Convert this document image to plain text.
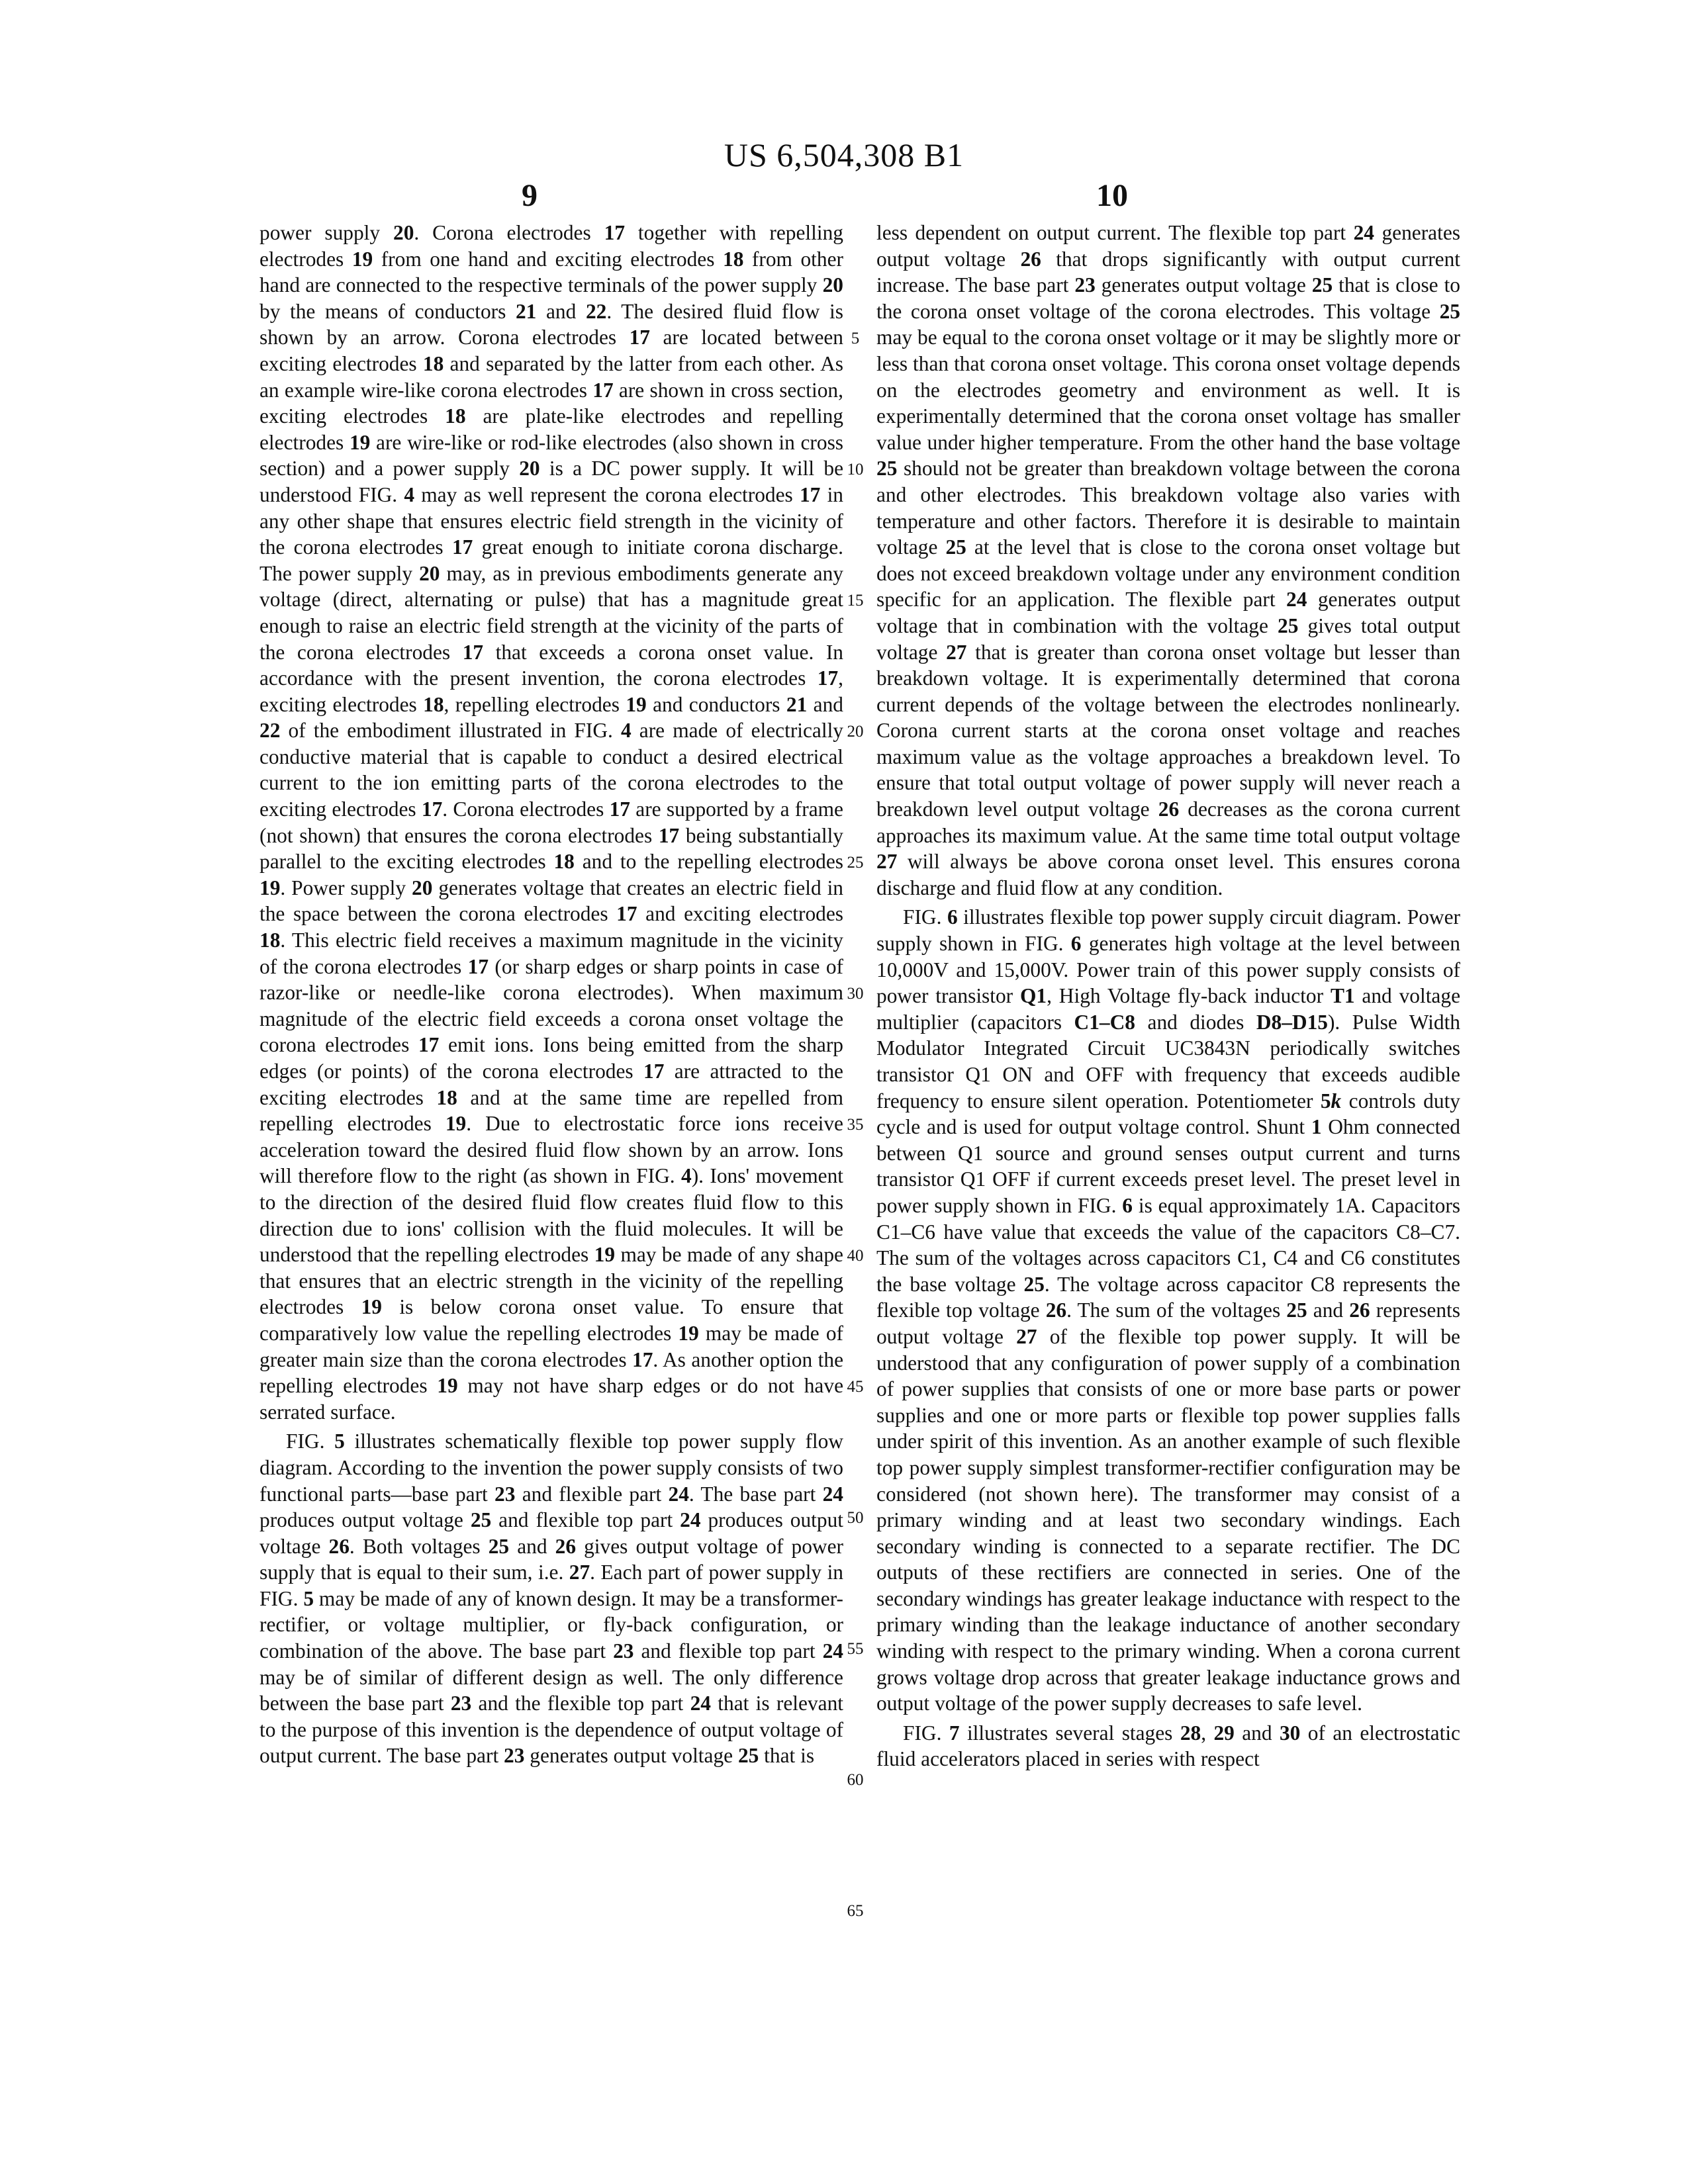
US 6,504,308 B1
9	10

power supply 20. Corona electrodes 17 together with repelling electrodes 19 from one hand and exciting electrodes 18 from other hand are connected to the respective terminals of the power supply 20 by the means of conductors 21 and 22. The desired fluid flow is shown by an arrow. Corona electrodes 17 are located between exciting electrodes 18 and separated by the latter from each other. As an example wire-like corona electrodes 17 are shown in cross section, exciting electrodes 18 are plate-like electrodes and repelling electrodes 19 are wire-like or rod-like electrodes (also shown in cross section) and a power supply 20 is a DC power supply. It will be understood FIG. 4 may as well represent the corona electrodes 17 in any other shape that ensures electric field strength in the vicinity of the corona electrodes 17 great enough to initiate corona discharge. The power supply 20 may, as in previous embodiments generate any voltage (direct, alternating or pulse) that has a magnitude great enough to raise an electric field strength at the vicinity of the parts of the corona electrodes 17 that exceeds a corona onset value. In accordance with the present invention, the corona electrodes 17, exciting electrodes 18, repelling electrodes 19 and conductors 21 and 22 of the embodiment illustrated in FIG. 4 are made of electrically conductive material that is capable to conduct a desired electrical current to the ion emitting parts of the corona electrodes to the exciting electrodes 17. Corona electrodes 17 are supported by a frame (not shown) that ensures the corona electrodes 17 being substantially parallel to the exciting electrodes 18 and to the repelling electrodes 19. Power supply 20 generates voltage that creates an electric field in the space between the corona electrodes 17 and exciting electrodes 18. This electric field receives a maximum magnitude in the vicinity of the corona electrodes 17 (or sharp edges or sharp points in case of razor-like or needle-like corona electrodes). When maximum magnitude of the electric field exceeds a corona onset voltage the corona electrodes 17 emit ions. Ions being emitted from the sharp edges (or points) of the corona electrodes 17 are attracted to the exciting electrodes 18 and at the same time are repelled from repelling electrodes 19. Due to electrostatic force ions receive acceleration toward the desired fluid flow shown by an arrow. Ions will therefore flow to the right (as shown in FIG. 4). Ions' movement to the direction of the desired fluid flow creates fluid flow to this direction due to ions' collision with the fluid molecules. It will be understood that the repelling electrodes 19 may be made of any shape that ensures that an electric strength in the vicinity of the repelling electrodes 19 is below corona onset value. To ensure that comparatively low value the repelling electrodes 19 may be made of greater main size than the corona electrodes 17. As another option the repelling electrodes 19 may not have sharp edges or do not have serrated surface.

FIG. 5 illustrates schematically flexible top power supply flow diagram. According to the invention the power supply consists of two functional parts—base part 23 and flexible part 24. The base part 24 produces output voltage 25 and flexible top part 24 produces output voltage 26. Both voltages 25 and 26 gives output voltage of power supply that is equal to their sum, i.e. 27. Each part of power supply in FIG. 5 may be made of any of known design. It may be a transformer-rectifier, or voltage multiplier, or fly-back configuration, or combination of the above. The base part 23 and flexible top part 24 may be of similar of different design as well. The only difference between the base part 23 and the flexible top part 24 that is relevant to the purpose of this invention is the dependence of output voltage of output current. The base part 23 generates output voltage 25 that is

less dependent on output current. The flexible top part 24 generates output voltage 26 that drops significantly with output current increase. The base part 23 generates output voltage 25 that is close to the corona onset voltage of the corona electrodes. This voltage 25 may be equal to the corona onset voltage or it may be slightly more or less than that corona onset voltage. This corona onset voltage depends on the electrodes geometry and environment as well. It is experimentally determined that the corona onset voltage has smaller value under higher temperature. From the other hand the base voltage 25 should not be greater than breakdown voltage between the corona and other electrodes. This breakdown voltage also varies with temperature and other factors. Therefore it is desirable to maintain voltage 25 at the level that is close to the corona onset voltage but does not exceed breakdown voltage under any environment condition specific for an application. The flexible part 24 generates output voltage that in combination with the voltage 25 gives total output voltage 27 that is greater than corona onset voltage but lesser than breakdown voltage. It is experimentally determined that corona current depends of the voltage between the electrodes nonlinearly. Corona current starts at the corona onset voltage and reaches maximum value as the voltage approaches a breakdown level. To ensure that total output voltage of power supply will never reach a breakdown level output voltage 26 decreases as the corona current approaches its maximum value. At the same time total output voltage 27 will always be above corona onset level. This ensures corona discharge and fluid flow at any condition.

FIG. 6 illustrates flexible top power supply circuit diagram. Power supply shown in FIG. 6 generates high voltage at the level between 10,000V and 15,000V. Power train of this power supply consists of power transistor Q1, High Voltage fly-back inductor T1 and voltage multiplier (capacitors C1–C8 and diodes D8–D15). Pulse Width Modulator Integrated Circuit UC3843N periodically switches transistor Q1 ON and OFF with frequency that exceeds audible frequency to ensure silent operation. Potentiometer 5k controls duty cycle and is used for output voltage control. Shunt 1 Ohm connected between Q1 source and ground senses output current and turns transistor Q1 OFF if current exceeds preset level. The preset level in power supply shown in FIG. 6 is equal approximately 1A. Capacitors C1–C6 have value that exceeds the value of the capacitors C8–C7. The sum of the voltages across capacitors C1, C4 and C6 constitutes the base voltage 25. The voltage across capacitor C8 represents the flexible top voltage 26. The sum of the voltages 25 and 26 represents output voltage 27 of the flexible top power supply. It will be understood that any configuration of power supply of a combination of power supplies that consists of one or more base parts or power supplies and one or more parts or flexible top power supplies falls under spirit of this invention. As an another example of such flexible top power supply simplest transformer-rectifier configuration may be considered (not shown here). The transformer may consist of a primary winding and at least two secondary windings. Each secondary winding is connected to a separate rectifier. The DC outputs of these rectifiers are connected in series. One of the secondary windings has greater leakage inductance with respect to the primary winding than the leakage inductance of another secondary winding with respect to the primary winding. When a corona current grows voltage drop across that greater leakage inductance grows and output voltage of the power supply decreases to safe level.

FIG. 7 illustrates several stages 28, 29 and 30 of an electrostatic fluid accelerators placed in series with respect

5
10
15
20
25
30
35
40
45
50
55
60
65
